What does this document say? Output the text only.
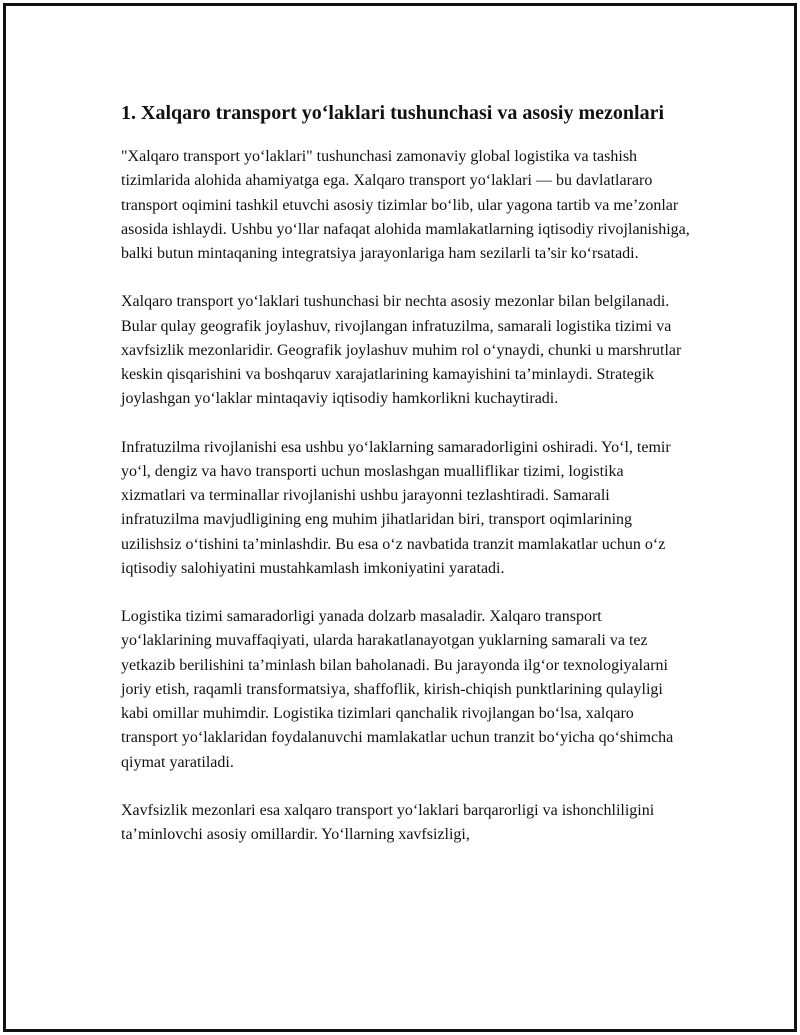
1. Xalqaro transport yo‘laklari tushunchasi va asosiy mezonlari

"Xalqaro transport yo‘laklari" tushunchasi zamonaviy global logistika va tashish tizimlarida alohida ahamiyatga ega. Xalqaro transport yo‘laklari — bu davlatlararo transport oqimini tashkil etuvchi asosiy tizimlar bo‘lib, ular yagona tartib va me’zonlar asosida ishlaydi. Ushbu yo‘llar nafaqat alohida mamlakatlarning iqtisodiy rivojlanishiga, balki butun mintaqaning integratsiya jarayonlariga ham sezilarli ta’sir ko‘rsatadi.

Xalqaro transport yo‘laklari tushunchasi bir nechta asosiy mezonlar bilan belgilanadi. Bular qulay geografik joylashuv, rivojlangan infratuzilma, samarali logistika tizimi va xavfsizlik mezonlaridir. Geografik joylashuv muhim rol o‘ynaydi, chunki u marshrutlar keskin qisqarishini va boshqaruv xarajatlarining kamayishini ta’minlaydi. Strategik joylashgan yo‘laklar mintaqaviy iqtisodiy hamkorlikni kuchaytiradi.

Infratuzilma rivojlanishi esa ushbu yo‘laklarning samaradorligini oshiradi. Yo‘l, temir yo‘l, dengiz va havo transporti uchun moslashgan mualliflikar tizimi, logistika xizmatlari va terminallar rivojlanishi ushbu jarayonni tezlashtiradi. Samarali infratuzilma mavjudligining eng muhim jihatlaridan biri, transport oqimlarining uzilishsiz o‘tishini ta’minlashdir. Bu esa o‘z navbatida tranzit mamlakatlar uchun o‘z iqtisodiy salohiyatini mustahkamlash imkoniyatini yaratadi.

Logistika tizimi samaradorligi yanada dolzarb masaladir. Xalqaro transport yo‘laklarining muvaffaqiyati, ularda harakatlanayotgan yuklarning samarali va tez yetkazib berilishini ta’minlash bilan baholanadi. Bu jarayonda ilg‘or texnologiyalarni joriy etish, raqamli transformatsiya, shaffoflik, kirish-chiqish punktlarining qulayligi kabi omillar muhimdir. Logistika tizimlari qanchalik rivojlangan bo‘lsa, xalqaro transport yo‘laklaridan foydalanuvchi mamlakatlar uchun tranzit bo‘yicha qo‘shimcha qiymat yaratiladi.

Xavfsizlik mezonlari esa xalqaro transport yo‘laklari barqarorligi va ishonchliligini ta’minlovchi asosiy omillardir. Yo‘llarning xavfsizligi,
